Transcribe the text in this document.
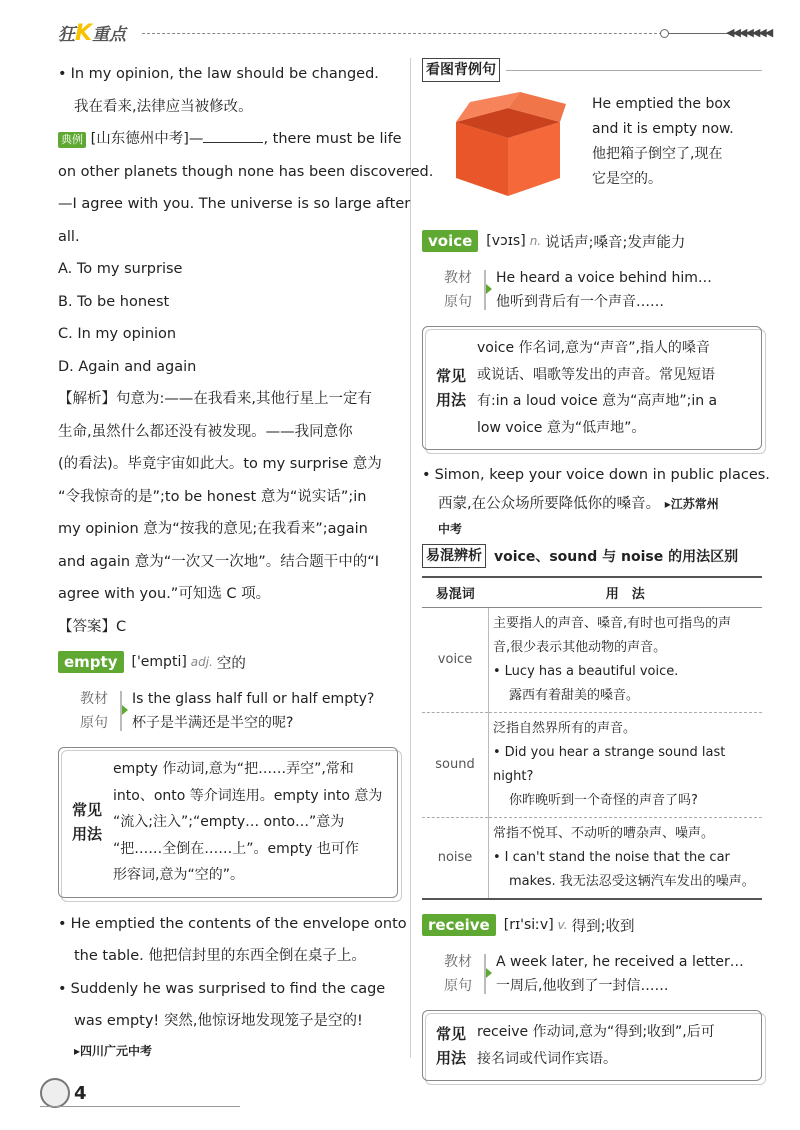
狂K重点	◀◀◀◀◀◀◀
• In my opinion, the law should be changed.
我在看来,法律应当被修改。
典例 [山东德州中考]—	, there must be life
on other planets though none has been discovered.
—I agree with you. The universe is so large after
all.
A. To my surprise
B. To be honest
C. In my opinion
D. Again and again
【解析】句意为:——在我看来,其他行星上一定有
生命,虽然什么都还没有被发现。——我同意你
(的看法)。毕竟宇宙如此大。to my surprise 意为
“令我惊奇的是”;to be honest 意为“说实话”;in
my opinion 意为“按我的意见;在我看来”;again
and again 意为“一次又一次地”。结合题干中的“I
agree with you.”可知选 C 项。
【答案】C
empty	['empti] adj. 空的
教材
原句
Is the glass half full or half empty?
杯子是半满还是半空的呢?
常见
用法
empty 作动词,意为“把……弄空”,常和
into、onto 等介词连用。empty into 意为
“流入;注入”;“empty… onto…”意为
“把……全倒在……上”。empty 也可作
形容词,意为“空的”。
• He emptied the contents of the envelope onto
the table. 他把信封里的东西全倒在桌子上。
• Suddenly he was surprised to find the cage
was empty! 突然,他惊讶地发现笼子是空的!
▸四川广元中考
看图背例句
He emptied the box
and it is empty now.
他把箱子倒空了,现在
它是空的。
voice	[vɔɪs] n. 说话声;嗓音;发声能力
教材
原句
He heard a voice behind him…
他听到背后有一个声音……
常见
用法
voice 作名词,意为“声音”,指人的嗓音
或说话、唱歌等发出的声音。常见短语
有:in a loud voice 意为“高声地”;in a
low voice 意为“低声地”。
• Simon, keep your voice down in public places.
西蒙,在公众场所要降低你的嗓音。 ▸江苏常州
中考
易混辨析 voice、sound 与 noise 的用法区别
易混词	用　法
voice	主要指人的声音、嗓音,有时也可指鸟的声
音,很少表示其他动物的声音。
• Lucy has a beautiful voice.
露西有着甜美的嗓音。

sound	泛指自然界所有的声音。
• Did you hear a strange sound last night?
你昨晚听到一个奇怪的声音了吗?

noise	常指不悦耳、不动听的嘈杂声、噪声。
• I can't stand the noise that the car
makes. 我无法忍受这辆汽车发出的噪声。
receive	[rɪ'siːv] v. 得到;收到
教材
原句
A week later, he received a letter…
一周后,他收到了一封信……
常见
用法
receive 作动词,意为“得到;收到”,后可
接名词或代词作宾语。
4
